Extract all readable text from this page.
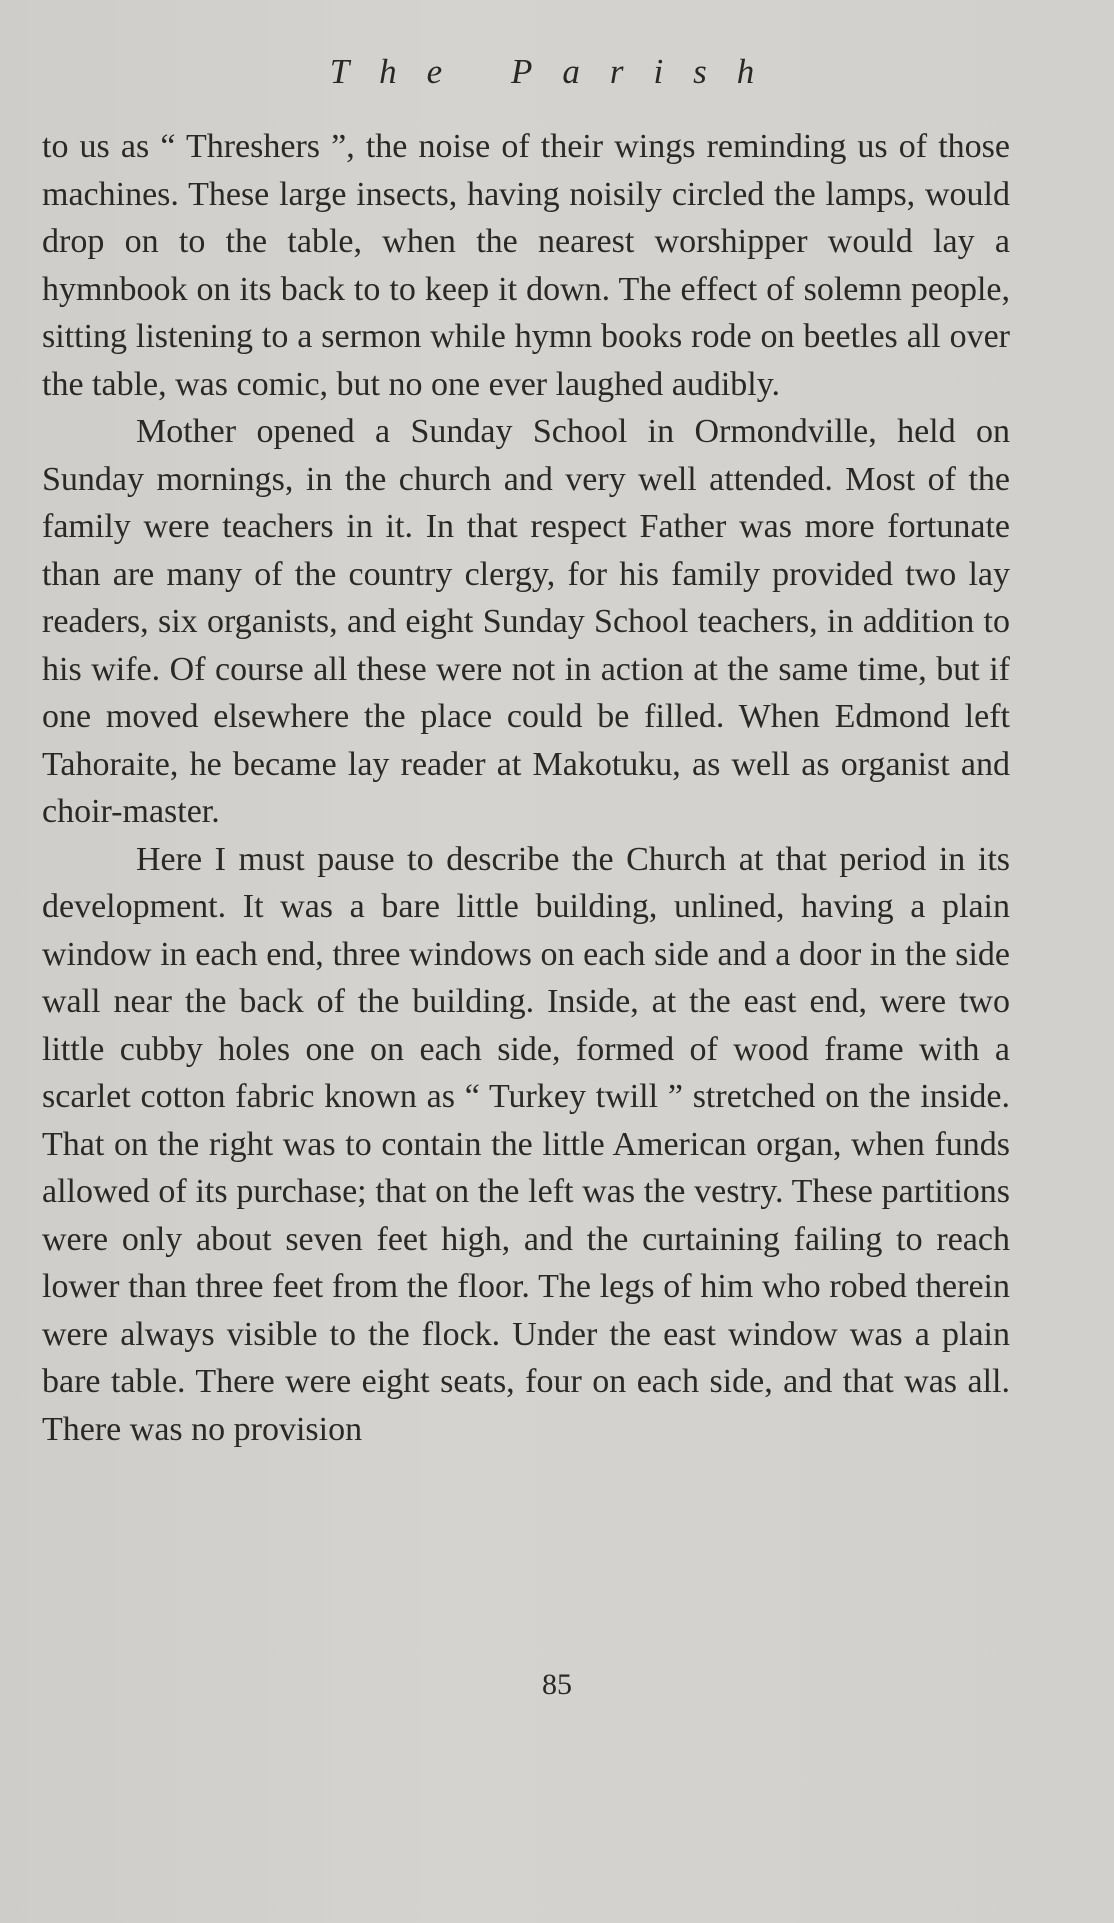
The Parish

to us as “ Threshers ”, the noise of their wings reminding us of those machines. These large insects, having noisily circled the lamps, would drop on to the table, when the nearest worshipper would lay a hymnbook on its back to to keep it down. The effect of solemn people, sitting listening to a sermon while hymn books rode on beetles all over the table, was comic, but no one ever laughed audibly.

Mother opened a Sunday School in Ormondville, held on Sunday mornings, in the church and very well attended. Most of the family were teachers in it. In that respect Father was more fortunate than are many of the country clergy, for his family provided two lay readers, six organists, and eight Sunday School teachers, in addition to his wife. Of course all these were not in action at the same time, but if one moved elsewhere the place could be filled. When Edmond left Tahoraite, he became lay reader at Makotuku, as well as organist and choir-master.

Here I must pause to describe the Church at that period in its development. It was a bare little building, unlined, having a plain window in each end, three windows on each side and a door in the side wall near the back of the building. Inside, at the east end, were two little cubby holes one on each side, formed of wood frame with a scarlet cotton fabric known as “ Turkey twill ” stretched on the inside. That on the right was to contain the little American organ, when funds allowed of its purchase; that on the left was the vestry. These partitions were only about seven feet high, and the curtaining failing to reach lower than three feet from the floor. The legs of him who robed therein were always visible to the flock. Under the east window was a plain bare table. There were eight seats, four on each side, and that was all. There was no provision

85
